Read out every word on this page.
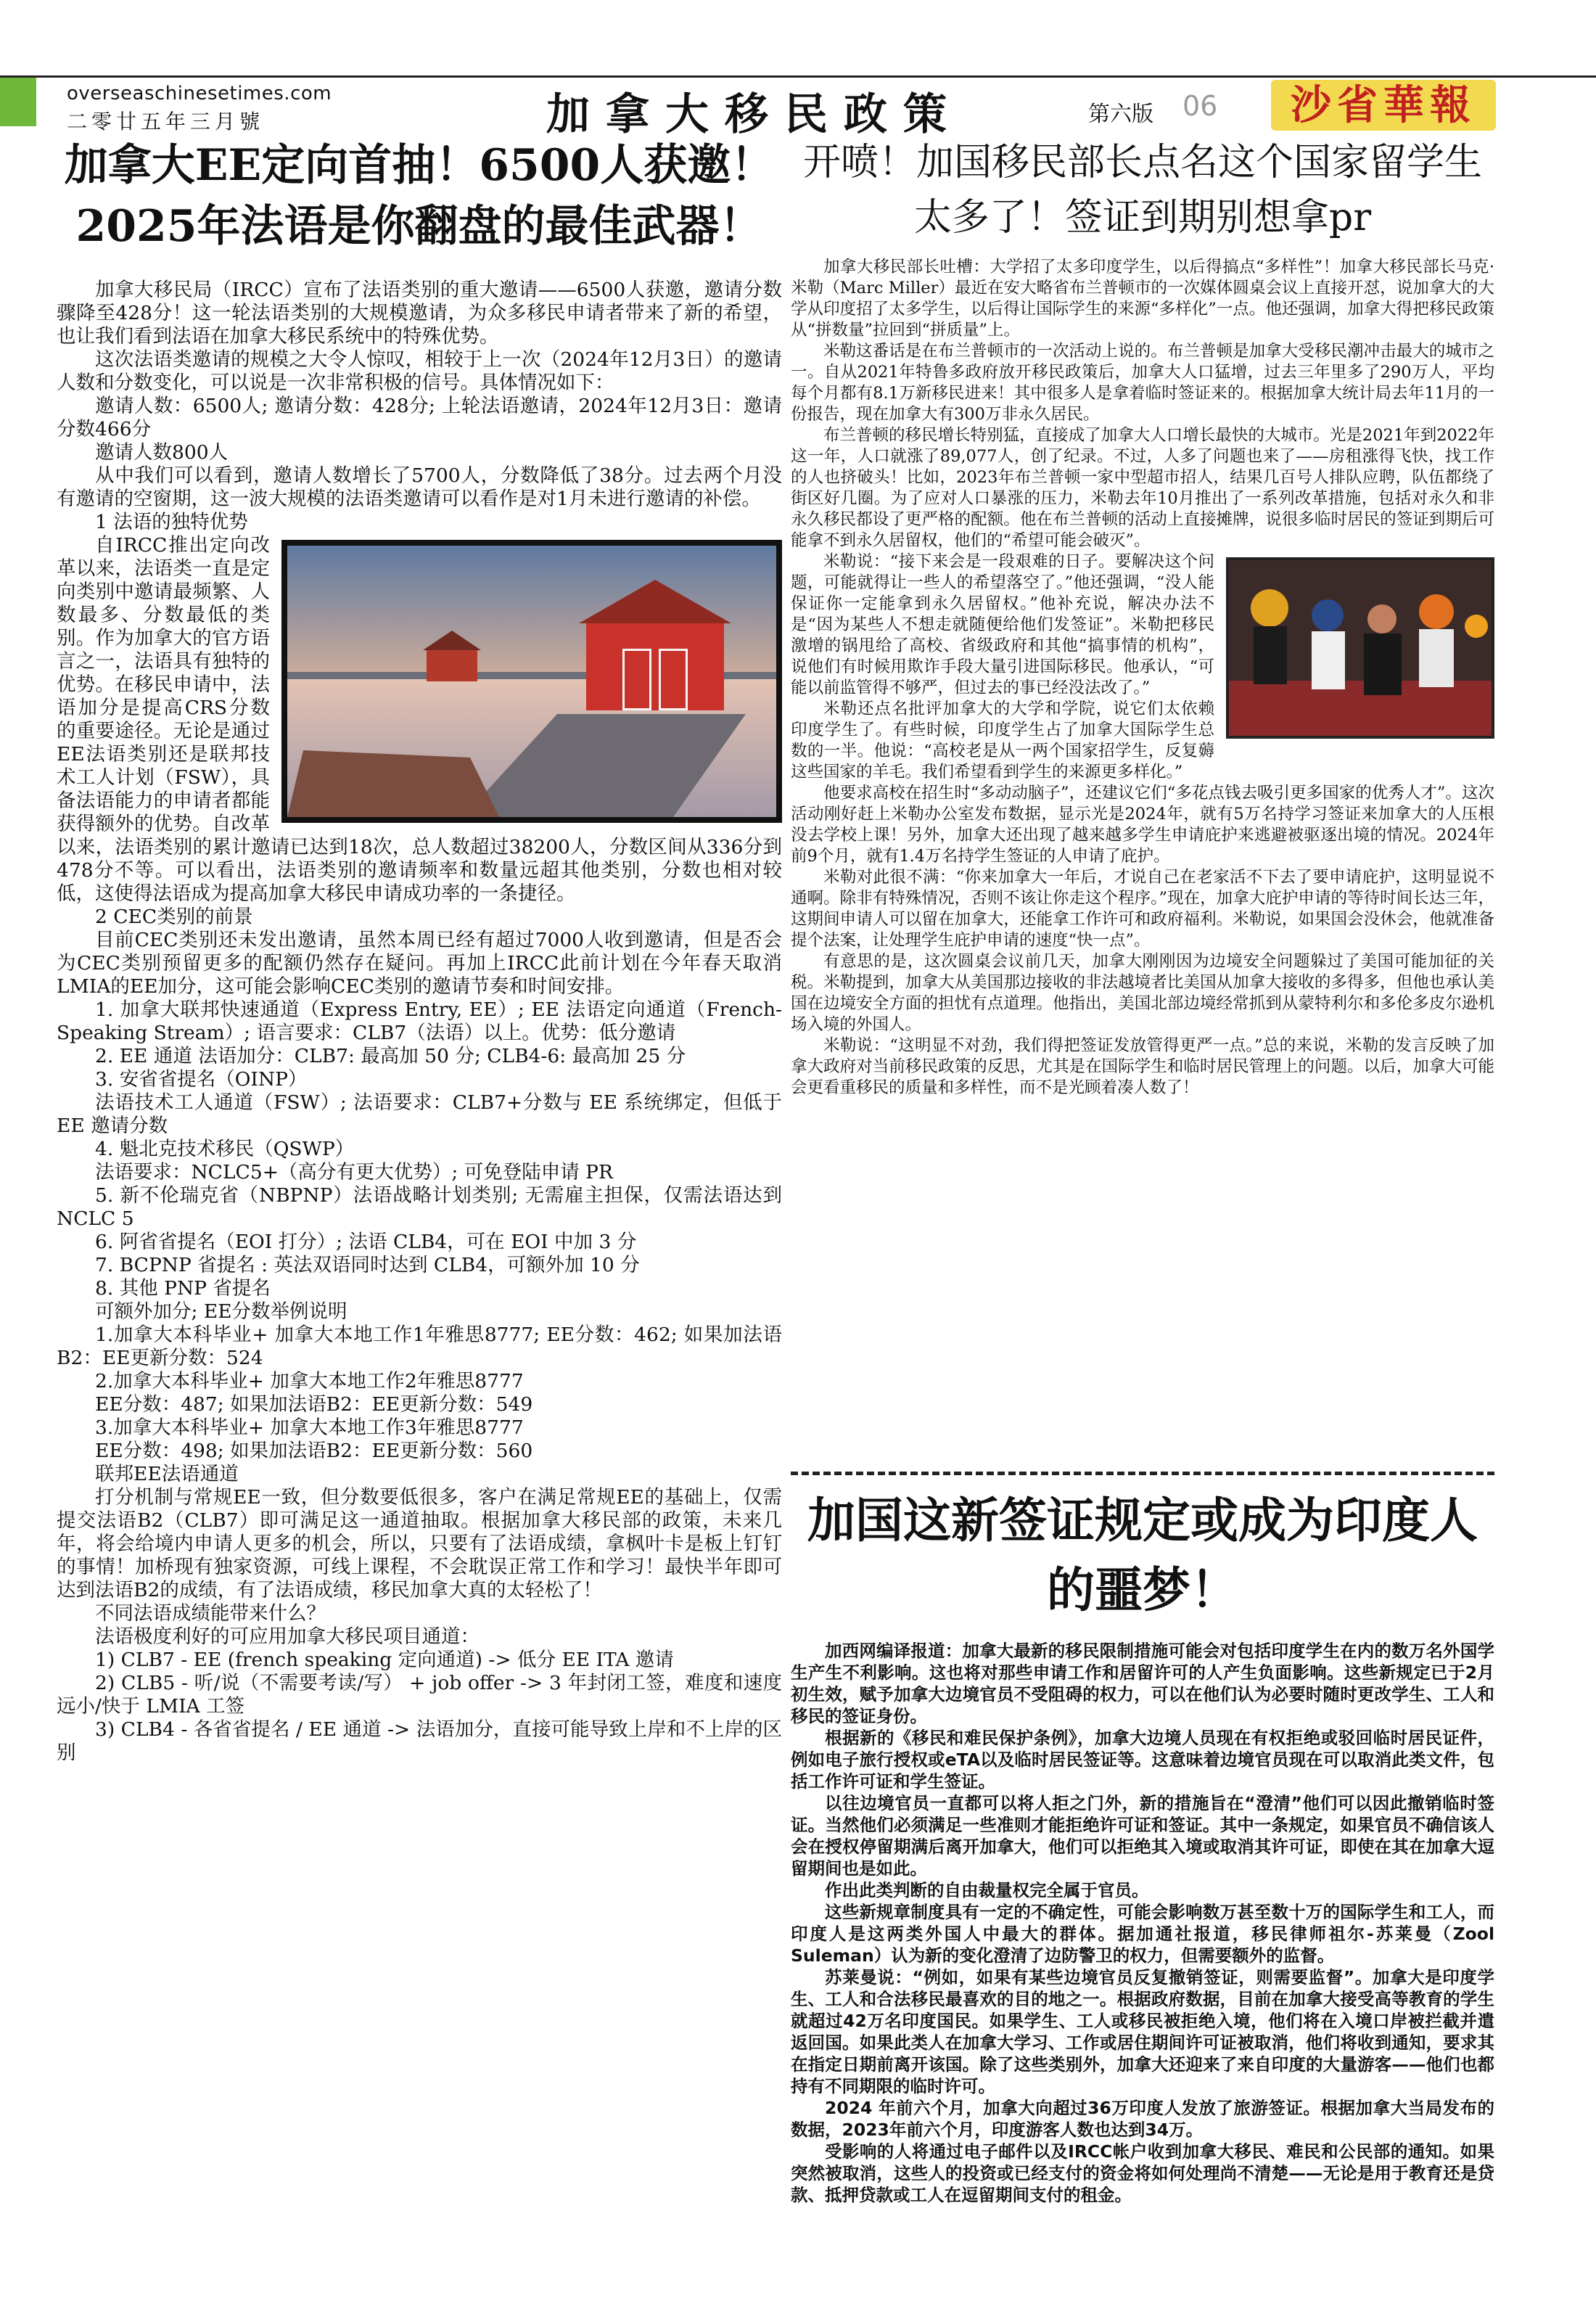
overseaschinesetimes.com
二零廿五年三月號	加拿大移民政策	第六版 06	沙省華報
加拿大EE定向首抽！6500人获邀！2025年法语是你翻盘的最佳武器！

加拿大移民局（IRCC）宣布了法语类别的重大邀请——6500人获邀，邀请分数骤降至428分！这一轮法语类别的大规模邀请，为众多移民申请者带来了新的希望，也让我们看到法语在加拿大移民系统中的特殊优势。

这次法语类邀请的规模之大令人惊叹，相较于上一次（2024年12月3日）的邀请人数和分数变化，可以说是一次非常积极的信号。具体情况如下：

邀请人数：6500人; 邀请分数：428分; 上轮法语邀请，2024年12月3日：邀请分数466分

邀请人数800人

从中我们可以看到，邀请人数增长了5700人，分数降低了38分。过去两个月没有邀请的空窗期，这一波大规模的法语类邀请可以看作是对1月未进行邀请的补偿。

1 法语的独特优势

自IRCC推出定向改革以来，法语类一直是定向类别中邀请最频繁、人数最多、分数最低的类别。作为加拿大的官方语言之一，法语具有独特的优势。在移民申请中，法语加分是提高CRS分数的重要途径。无论是通过EE法语类别还是联邦技术工人计划（FSW），具备法语能力的申请者都能获得额外的优势。自改革以来，法语类别的累计邀请已达到18次，总人数超过38200人，分数区间从336分到478分不等。可以看出，法语类别的邀请频率和数量远超其他类别，分数也相对较低，这使得法语成为提高加拿大移民申请成功率的一条捷径。

2 CEC类别的前景

目前CEC类别还未发出邀请，虽然本周已经有超过7000人收到邀请，但是否会为CEC类别预留更多的配额仍然存在疑问。再加上IRCC此前计划在今年春天取消LMIA的EE加分，这可能会影响CEC类别的邀请节奏和时间安排。

1. 加拿大联邦快速通道（Express Entry, EE）; EE 法语定向通道（French-Speaking Stream）; 语言要求：CLB7（法语）以上。优势：低分邀请

2. EE 通道 法语加分：CLB7: 最高加 50 分; CLB4-6: 最高加 25 分

3. 安省省提名（OINP）

法语技术工人通道（FSW）; 法语要求：CLB7+分数与 EE 系统绑定，但低于 EE 邀请分数

4. 魁北克技术移民（QSWP）

法语要求：NCLC5+（高分有更大优势）; 可免登陆申请 PR

5. 新不伦瑞克省（NBPNP）法语战略计划类别; 无需雇主担保，仅需法语达到 NCLC 5

6. 阿省省提名（EOI 打分）; 法语 CLB4，可在 EOI 中加 3 分

7. BCPNP 省提名 : 英法双语同时达到 CLB4，可额外加 10 分

8. 其他 PNP 省提名

可额外加分; EE分数举例说明

1.加拿大本科毕业+ 加拿大本地工作1年雅思8777; EE分数：462; 如果加法语B2：EE更新分数：524

2.加拿大本科毕业+ 加拿大本地工作2年雅思8777

EE分数：487; 如果加法语B2：EE更新分数：549

3.加拿大本科毕业+ 加拿大本地工作3年雅思8777

EE分数：498; 如果加法语B2：EE更新分数：560

联邦EE法语通道

打分机制与常规EE一致，但分数要低很多，客户在满足常规EE的基础上，仅需提交法语B2（CLB7）即可满足这一通道抽取。根据加拿大移民部的政策，未来几年，将会给境内申请人更多的机会，所以，只要有了法语成绩，拿枫叶卡是板上钉钉的事情！加桥现有独家资源，可线上课程，不会耽误正常工作和学习！最快半年即可达到法语B2的成绩，有了法语成绩，移民加拿大真的太轻松了！

不同法语成绩能带来什么？

法语极度利好的可应用加拿大移民项目通道：

1) CLB7 - EE (french speaking 定向通道) -> 低分 EE ITA 邀请

2) CLB5 - 听/说（不需要考读/写） + job offer -> 3 年封闭工签，难度和速度远小/快于 LMIA 工签

3) CLB4 - 各省省提名 / EE 通道 -> 法语加分，直接可能导致上岸和不上岸的区别

开喷！加国移民部长点名这个国家留学生太多了！签证到期别想拿pr

加拿大移民部长吐槽：大学招了太多印度学生，以后得搞点“多样性”！加拿大移民部长马克·米勒（Marc Miller）最近在安大略省布兰普顿市的一次媒体圆桌会议上直接开怼，说加拿大的大学从印度招了太多学生，以后得让国际学生的来源“多样化”一点。他还强调，加拿大得把移民政策从“拼数量”拉回到“拼质量”上。

米勒这番话是在布兰普顿市的一次活动上说的。布兰普顿是加拿大受移民潮冲击最大的城市之一。自从2021年特鲁多政府放开移民政策后，加拿大人口猛增，过去三年里多了290万人，平均每个月都有8.1万新移民进来！其中很多人是拿着临时签证来的。根据加拿大统计局去年11月的一份报告，现在加拿大有300万非永久居民。

布兰普顿的移民增长特别猛，直接成了加拿大人口增长最快的大城市。光是2021年到2022年这一年，人口就涨了89,077人，创了纪录。不过，人多了问题也来了——房租涨得飞快，找工作的人也挤破头！比如，2023年布兰普顿一家中型超市招人，结果几百号人排队应聘，队伍都绕了街区好几圈。为了应对人口暴涨的压力，米勒去年10月推出了一系列改革措施，包括对永久和非永久移民都设了更严格的配额。他在布兰普顿的活动上直接摊牌，说很多临时居民的签证到期后可能拿不到永久居留权，他们的“希望可能会破灭”。

米勒说：“接下来会是一段艰难的日子。要解决这个问题，可能就得让一些人的希望落空了。”他还强调，“没人能保证你一定能拿到永久居留权。”他补充说，解决办法不是“因为某些人不想走就随便给他们发签证”。米勒把移民激增的锅甩给了高校、省级政府和其他“搞事情的机构”，说他们有时候用欺诈手段大量引进国际移民。他承认，“可能以前监管得不够严，但过去的事已经没法改了。”

米勒还点名批评加拿大的大学和学院，说它们太依赖印度学生了。有些时候，印度学生占了加拿大国际学生总数的一半。他说：“高校老是从一两个国家招学生，反复薅这些国家的羊毛。我们希望看到学生的来源更多样化。”

他要求高校在招生时“多动动脑子”，还建议它们“多花点钱去吸引更多国家的优秀人才”。这次活动刚好赶上米勒办公室发布数据，显示光是2024年，就有5万名持学习签证来加拿大的人压根没去学校上课！另外，加拿大还出现了越来越多学生申请庇护来逃避被驱逐出境的情况。2024年前9个月，就有1.4万名持学生签证的人申请了庇护。

米勒对此很不满：“你来加拿大一年后，才说自己在老家活不下去了要申请庇护，这明显说不通啊。除非有特殊情况，否则不该让你走这个程序。”现在，加拿大庇护申请的等待时间长达三年，这期间申请人可以留在加拿大，还能拿工作许可和政府福利。米勒说，如果国会没休会，他就准备提个法案，让处理学生庇护申请的速度“快一点”。

有意思的是，这次圆桌会议前几天，加拿大刚刚因为边境安全问题躲过了美国可能加征的关税。米勒提到，加拿大从美国那边接收的非法越境者比美国从加拿大接收的多得多，但他也承认美国在边境安全方面的担忧有点道理。他指出，美国北部边境经常抓到从蒙特利尔和多伦多皮尔逊机场入境的外国人。

米勒说：“这明显不对劲，我们得把签证发放管得更严一点。”总的来说，米勒的发言反映了加拿大政府对当前移民政策的反思，尤其是在国际学生和临时居民管理上的问题。以后，加拿大可能会更看重移民的质量和多样性，而不是光顾着凑人数了！

加国这新签证规定或成为印度人的噩梦！

加西网编译报道：加拿大最新的移民限制措施可能会对包括印度学生在内的数万名外国学生产生不利影响。这也将对那些申请工作和居留许可的人产生负面影响。这些新规定已于2月初生效，赋予加拿大边境官员不受阻碍的权力，可以在他们认为必要时随时更改学生、工人和移民的签证身份。

根据新的《移民和难民保护条例》，加拿大边境人员现在有权拒绝或驳回临时居民证件，例如电子旅行授权或eTA以及临时居民签证等。这意味着边境官员现在可以取消此类文件，包括工作许可证和学生签证。

以往边境官员一直都可以将人拒之门外，新的措施旨在“澄清”他们可以因此撤销临时签证。当然他们必须满足一些准则才能拒绝许可证和签证。其中一条规定，如果官员不确信该人会在授权停留期满后离开加拿大，他们可以拒绝其入境或取消其许可证，即使在其在加拿大逗留期间也是如此。

作出此类判断的自由裁量权完全属于官员。

这些新规章制度具有一定的不确定性，可能会影响数万甚至数十万的国际学生和工人，而印度人是这两类外国人中最大的群体。据加通社报道，移民律师祖尔-苏莱曼（Zool Suleman）认为新的变化澄清了边防警卫的权力，但需要额外的监督。

苏莱曼说：“例如，如果有某些边境官员反复撤销签证，则需要监督”。加拿大是印度学生、工人和合法移民最喜欢的目的地之一。根据政府数据，目前在加拿大接受高等教育的学生就超过42万名印度国民。如果学生、工人或移民被拒绝入境，他们将在入境口岸被拦截并遣返回国。如果此类人在加拿大学习、工作或居住期间许可证被取消，他们将收到通知，要求其在指定日期前离开该国。除了这些类别外，加拿大还迎来了来自印度的大量游客——他们也都持有不同期限的临时许可。

2024 年前六个月，加拿大向超过36万印度人发放了旅游签证。根据加拿大当局发布的数据，2023年前六个月，印度游客人数也达到34万。

受影响的人将通过电子邮件以及IRCC帐户收到加拿大移民、难民和公民部的通知。如果突然被取消，这些人的投资或已经支付的资金将如何处理尚不清楚——无论是用于教育还是贷款、抵押贷款或工人在逗留期间支付的租金。
